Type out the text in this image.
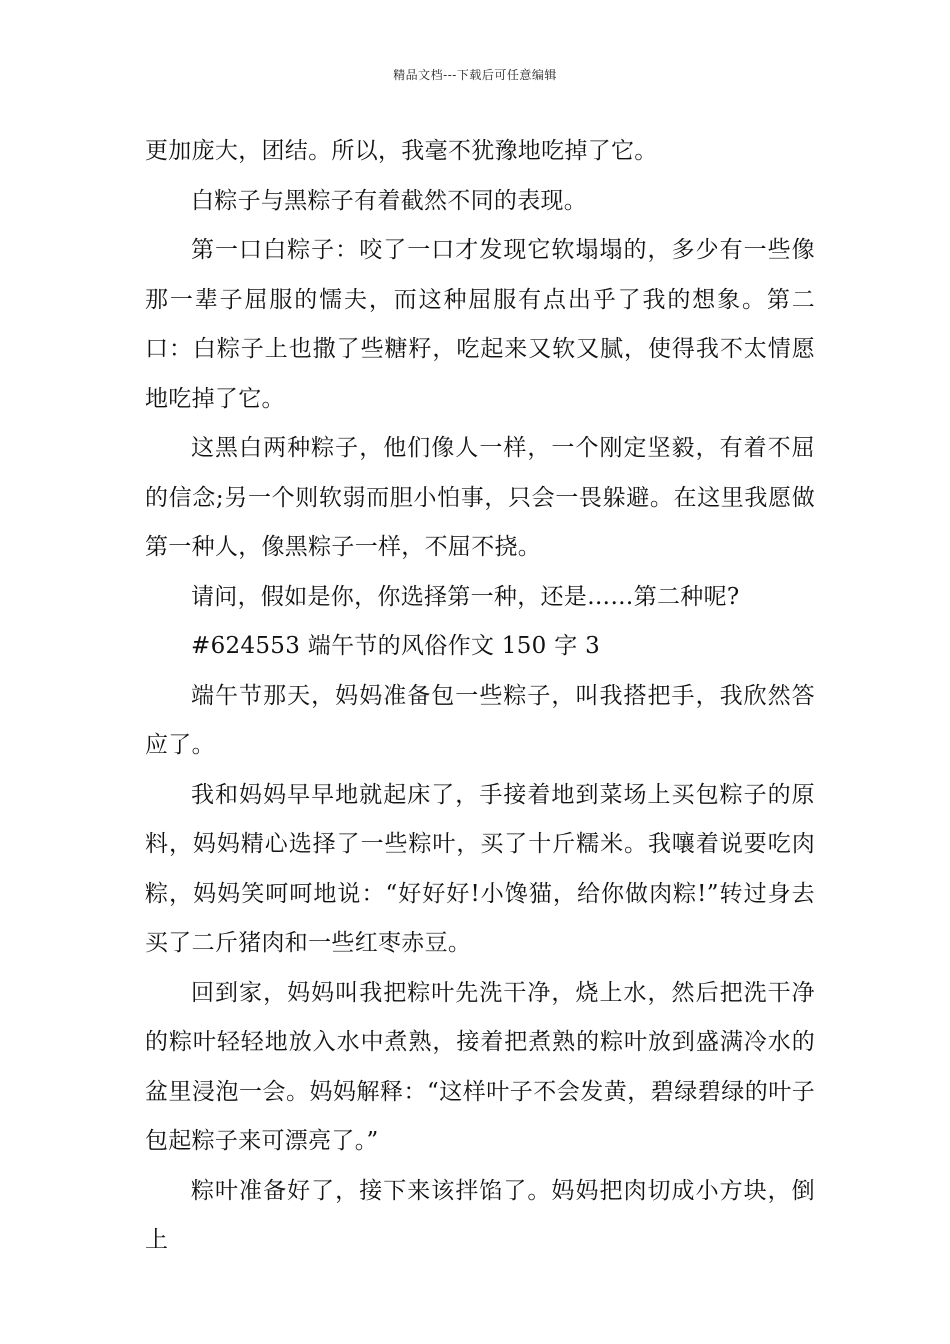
精品文档---下载后可任意编辑

更加庞大，团结。所以，我毫不犹豫地吃掉了它。

白粽子与黑粽子有着截然不同的表现。

第一口白粽子：咬了一口才发现它软塌塌的，多少有一些像那一辈子屈服的懦夫，而这种屈服有点出乎了我的想象。第二口：白粽子上也撒了些糖籽，吃起来又软又腻，使得我不太情愿地吃掉了它。

这黑白两种粽子，他们像人一样，一个刚定坚毅，有着不屈的信念;另一个则软弱而胆小怕事，只会一畏躲避。在这里我愿做第一种人，像黑粽子一样，不屈不挠。

请问，假如是你，你选择第一种，还是……第二种呢?

#624553 端午节的风俗作文 150 字 3

端午节那天，妈妈准备包一些粽子，叫我搭把手，我欣然答应了。

我和妈妈早早地就起床了，手接着地到菜场上买包粽子的原料，妈妈精心选择了一些粽叶，买了十斤糯米。我嚷着说要吃肉粽，妈妈笑呵呵地说：“好好好!小馋猫，给你做肉粽!”转过身去买了二斤猪肉和一些红枣赤豆。

回到家，妈妈叫我把粽叶先洗干净，烧上水，然后把洗干净的粽叶轻轻地放入水中煮熟，接着把煮熟的粽叶放到盛满冷水的盆里浸泡一会。妈妈解释：“这样叶子不会发黄，碧绿碧绿的叶子包起粽子来可漂亮了。”

粽叶准备好了，接下来该拌馅了。妈妈把肉切成小方块，倒上
